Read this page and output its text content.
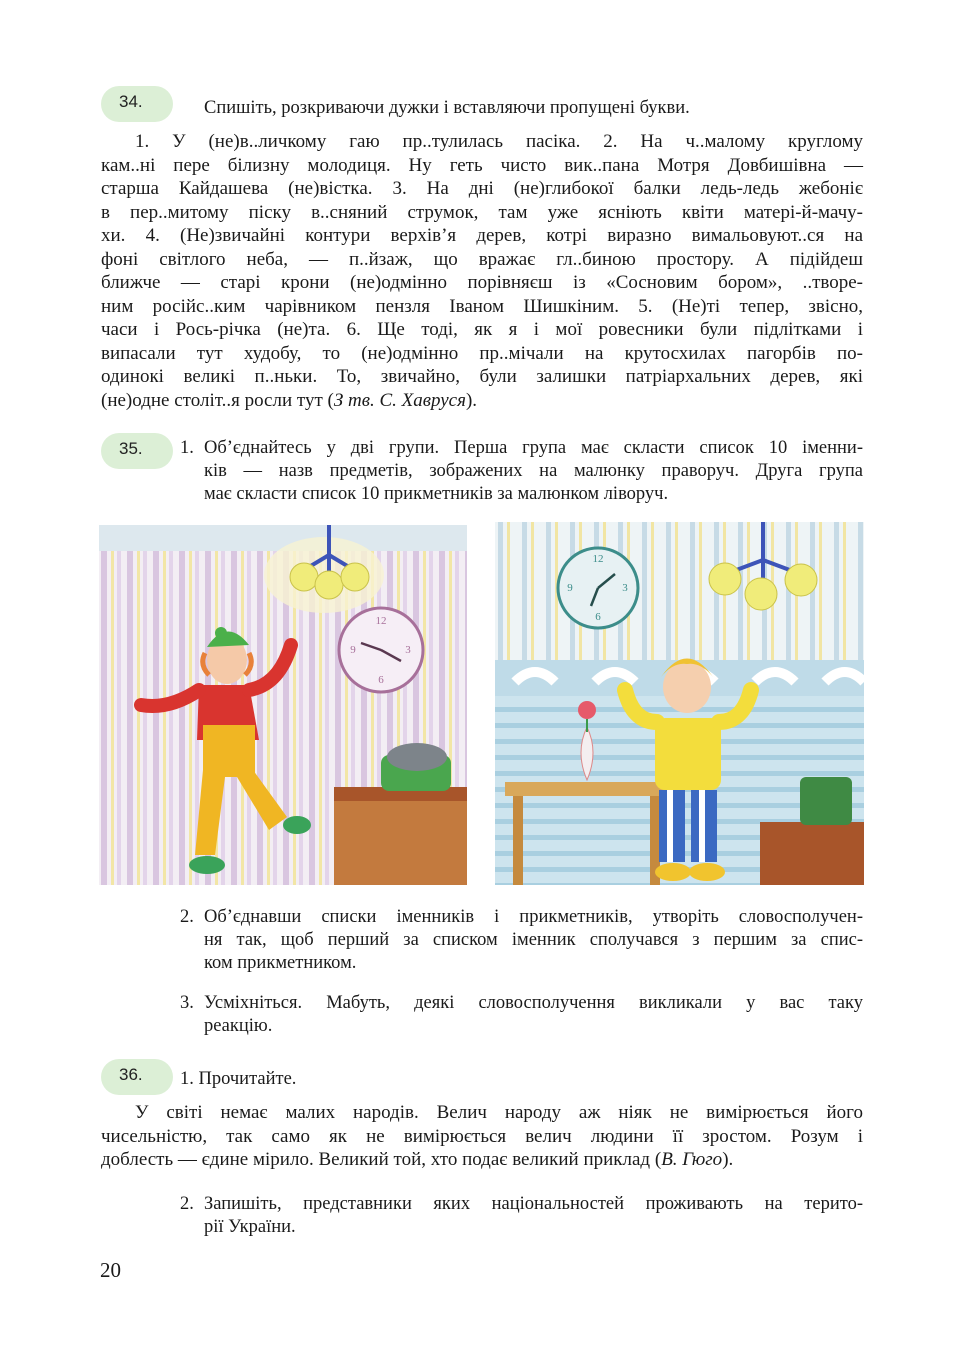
34.	Спишіть, розкриваючи дужки і вставляючи пропущені букви.

1. У (не)в..личкому гаю пр..тулилась пасіка. 2. На ч..малому круглому

кам..ні пере білизну молодиця. Ну геть чисто вик..пана Мотря Довбишівна —

старша Кайдашева (не)вістка. 3. На дні (не)глибокої балки ледь-ледь жебоніє

в пер..митому піску в..сняний струмок, там уже ясніють квіти матері-й-мачу-

хи. 4. (Не)звичайні контури верхів’я дерев, котрі виразно вимальовуют..ся на

фоні світлого неба, — п..йзаж, що вражає гл..биною простору. А підійдеш

ближче — старі крони (не)одмінно порівняєш із «Сосновим бором», ..творе-

ним російс..ким чарівником пензля Іваном Шишкіним. 5. (Не)ті тепер, звісно,

часи і Рось-річка (не)та. 6. Ще тоді, як я і мої ровесники були підлітками і

випасали тут худобу, то (не)одмінно пр..мічали на крутосхилах пагорбів по-

одинокі великі п..ньки. То, звичайно, були залишки патріархальних дерев, які

(не)одне століт..я росли тут (З тв. С. Хавруся).

35.	1. Об’єднайтесь у дві групи. Перша група має скласти список 10 іменни-
ків — назв предметів, зображених на малюнку праворуч. Друга група
має скласти список 10 прикметників за малюнком ліворуч.
12
3
6
9
12
3
6
9
2. Об’єднавши списки іменників і прикметників, утворіть словосполучен-
ня так, щоб перший за списком іменник сполучався з першим за спис-
ком прикметником.
3. Усміхніться. Мабуть, деякі словосполучення викликали у вас таку
реакцію.
36.	1. Прочитайте.

У світі немає малих народів. Велич народу аж ніяк не вимірюється його

чисельністю, так само як не вимірюється велич людини її зростом. Розум і

доблесть — єдине мірило. Великий той, хто подає великий приклад (В. Гюго).

2. Запишіть, представники яких національностей проживають на терито-
рії України.
20
